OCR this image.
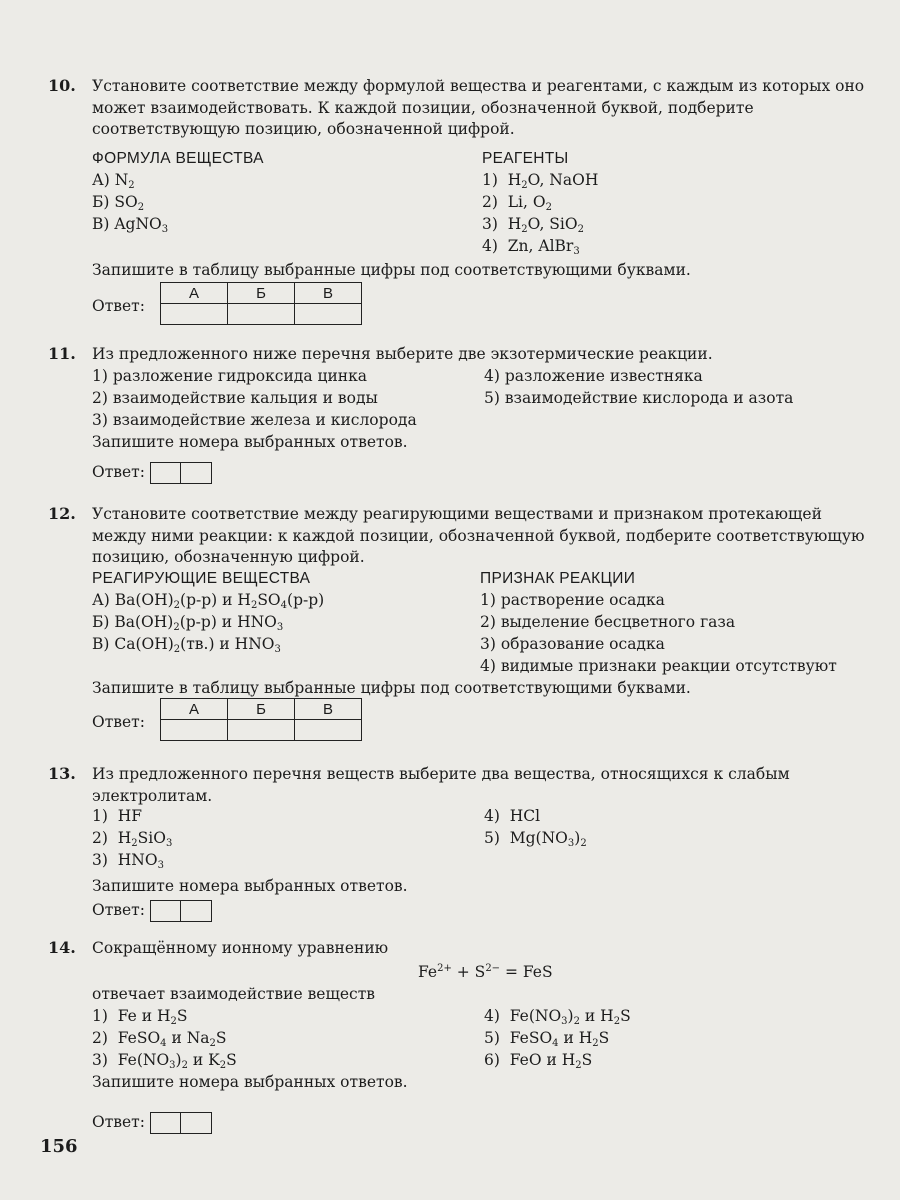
10. Установите соответствие между формулой вещества и реагентами, с каждым из которых оно может взаимодействовать. К каждой позиции, обозначенной буквой, подберите соответствующую позицию, обозначенной цифрой.
ФОРМУЛА ВЕЩЕСТВА	РЕАГЕНТЫ
А) $N_2$
Б) $SO_2$
В) AgNO$_3$
1)  $H_2O$, NaOH
2)  Li, $O_2$
3)  $H_2O$, SiO$_2$
4)  Zn, AlBr$_3$
Запишите в таблицу выбранные цифры под соответствующими буквами.
Ответ:
А	Б	В

11. Из предложенного ниже перечня выберите две экзотермические реакции.
1) разложение гидроксида цинка
2) взаимодействие кальция и воды
3) взаимодействие железа и кислорода
4) разложение известняка
5) взаимодействие кислорода и азота
Запишите номера выбранных ответов.
Ответ:
12. Установите соответствие между реагирующими веществами и признаком протекающей между ними реакции: к каждой позиции, обозначенной буквой, подберите соответствующую позицию, обозначенную цифрой.
РЕАГИРУЮЩИЕ ВЕЩЕСТВА	ПРИЗНАК РЕАКЦИИ
А) $Ba(OH)_2(р-р)$ и $H_2SO_4(р-р)$
Б) $Ba(OH)_2(р-р)$ и $HNO_3$
В) $Ca(OH)_2(тв.)$ и $HNO_3$
1) растворение осадка
2) выделение бесцветного газа
3) образование осадка
4) видимые признаки реакции отсутствуют
Запишите в таблицу выбранные цифры под соответствующими буквами.
Ответ:
А	Б	В

13. Из предложенного перечня веществ выберите два вещества, относящихся к слабым электролитам.
1)  HF
2)  $H_2SiO_3$
3)  $HNO_3$
4)  HCl
5)  $Mg(NO_3)_2$
Запишите номера выбранных ответов.
Ответ:
14. Сокращённому ионному уравнению
$Fe^{2+} + S^{2-}$ = FeS
отвечает взаимодействие веществ
1)  Fe и $H_2S$
2)  FeSO$_4$ и $Na_2S$
3)  $Fe(NO_3)_2$ и $K_2S$
4)  $Fe(NO_3)_2$ и $H_2S$
5)  FeSO$_4$ и $H_2S$
6)  FeO и $H_2S$
Запишите номера выбранных ответов.
Ответ:
156
